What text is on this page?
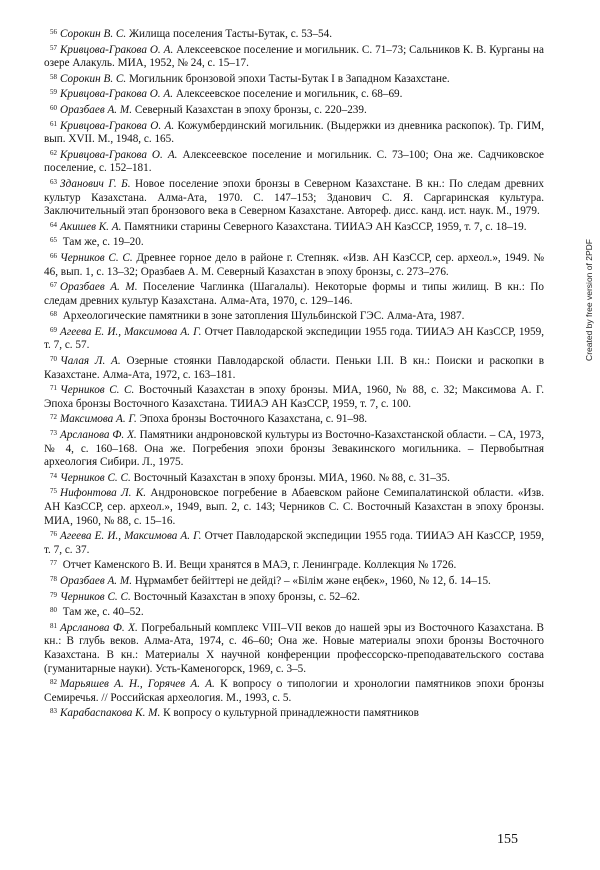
$^{56}$ Сорокин В. С. Жилища поселения Тасты-Бутак, с. 53–54.

$^{57}$ Кривцова-Гракова О. А. Алексеевское поселение и могильник. С. 71–73; Сальников К. В. Курганы на озере Алакуль. МИА, 1952, № 24, с. 15–17.

$^{58}$ Сорокин В. С. Могильник бронзовой эпохи Тасты-Бутак I в Западном Казахстане.

$^{59}$ Кривцова-Гракова О. А. Алексеевское поселение и могильник, с. 68–69.

$^{60}$ Оразбаев А. М. Северный Казахстан в эпоху бронзы, с. 220–239.

$^{61}$ Кривцова-Гракова О. А. Кожумбердинский могильник. (Выдержки из дневника раскопок). Тр. ГИМ, вып. XVII. М., 1948, с. 165.

$^{62}$ Кривцова-Гракова О. А. Алексеевское поселение и могильник. С. 73–100; Она же. Садчиковское поселение, с. 152–181.

$^{63}$ Зданович Г. Б. Новое поселение эпохи бронзы в Северном Казахстане. В кн.: По следам древних культур Казахстана. Алма-Ата, 1970. С. 147–153; Зданович С. Я. Саргаринская культура. Заключительный этап бронзового века в Северном Казахстане. Автореф. дисс. канд. ист. наук. М., 1979.

$^{64}$ Акишев К. А. Памятники старины Северного Казахстана. ТИИАЭ АН КазССР, 1959, т. 7, с. 18–19.

$^{65}$ Там же, с. 19–20.

$^{66}$ Черников С. С. Древнее горное дело в районе г. Степняк. «Изв. АН КазССР, сер. археол.», 1949. № 46, вып. 1, с. 13–32; Оразбаев А. М. Северный Казахстан в эпоху бронзы, с. 273–276.

$^{67}$ Оразбаев А. М. Поселение Чаглинка (Шагалалы). Некоторые формы и типы жилищ. В кн.: По следам древних культур Казахстана. Алма-Ата, 1970, с. 129–146.

$^{68}$ Археологические памятники в зоне затопления Шульбинской ГЭС. Алма-Ата, 1987.

$^{69}$ Агеева Е. И., Максимова А. Г. Отчет Павлодарской экспедиции 1955 года. ТИИАЭ АН КазССР, 1959, т. 7, с. 57.

$^{70}$ Чалая Л. А. Озерные стоянки Павлодарской области. Пеньки I.II. В кн.: Поиски и раскопки в Казахстане. Алма-Ата, 1972, с. 163–181.

$^{71}$ Черников С. С. Восточный Казахстан в эпоху бронзы. МИА, 1960, № 88, с. 32; Максимова А. Г. Эпоха бронзы Восточного Казахстана. ТИИАЭ АН КазССР, 1959, т. 7, с. 100.

$^{72}$ Максимова А. Г. Эпоха бронзы Восточного Казахстана, с. 91–98.

$^{73}$ Арсланова Ф. Х. Памятники андроновской культуры из Восточно-Казахстанской области. – СА, 1973, № 4, с. 160–168. Она же. Погребения эпохи бронзы Зевакинского могильника. – Первобытная археология Сибири. Л., 1975.

$^{74}$ Черников С. С. Восточный Казахстан в эпоху бронзы. МИА, 1960. № 88, с. 31–35.

$^{75}$ Нифонтова Л. К. Андроновское погребение в Абаевском районе Семипалатинской области. «Изв. АН КазССР, сер. археол.», 1949, вып. 2, с. 143; Черников С. С. Восточный Казахстан в эпоху бронзы. МИА, 1960, № 88, с. 15–16.

$^{76}$ Агеева Е. И., Максимова А. Г. Отчет Павлодарской экспедиции 1955 года. ТИИАЭ АН КазССР, 1959, т. 7, с. 37.

$^{77}$ Отчет Каменского В. И. Вещи хранятся в МАЭ, г. Ленинграде. Коллекция № 1726.

$^{78}$ Оразбаев А. М. Нұрмамбет бейіттері не дейді? – «Білім және еңбек», 1960, № 12, б. 14–15.

$^{79}$ Черников С. С. Восточный Казахстан в эпоху бронзы, с. 52–62.

$^{80}$ Там же, с. 40–52.

$^{81}$ Арсланова Ф. Х. Погребальный комплекс VIII–VII веков до нашей эры из Восточного Казахстана. В кн.: В глубь веков. Алма-Ата, 1974, с. 46–60; Она же. Новые материалы эпохи бронзы Восточного Казахстана. В кн.: Материалы X научной конференции профессорско-преподавательского состава (гуманитарные науки). Усть-Каменогорск, 1969, с. 3–5.

$^{82}$ Марьяшев А. Н., Горячев А. А. К вопросу о типологии и хронологии памятников эпохи бронзы Семиречья. // Российская археология. М., 1993, с. 5.

$^{83}$ Карабаспакова К. М. К вопросу о культурной принадлежности памятников

155
Created by free version of 2PDF
